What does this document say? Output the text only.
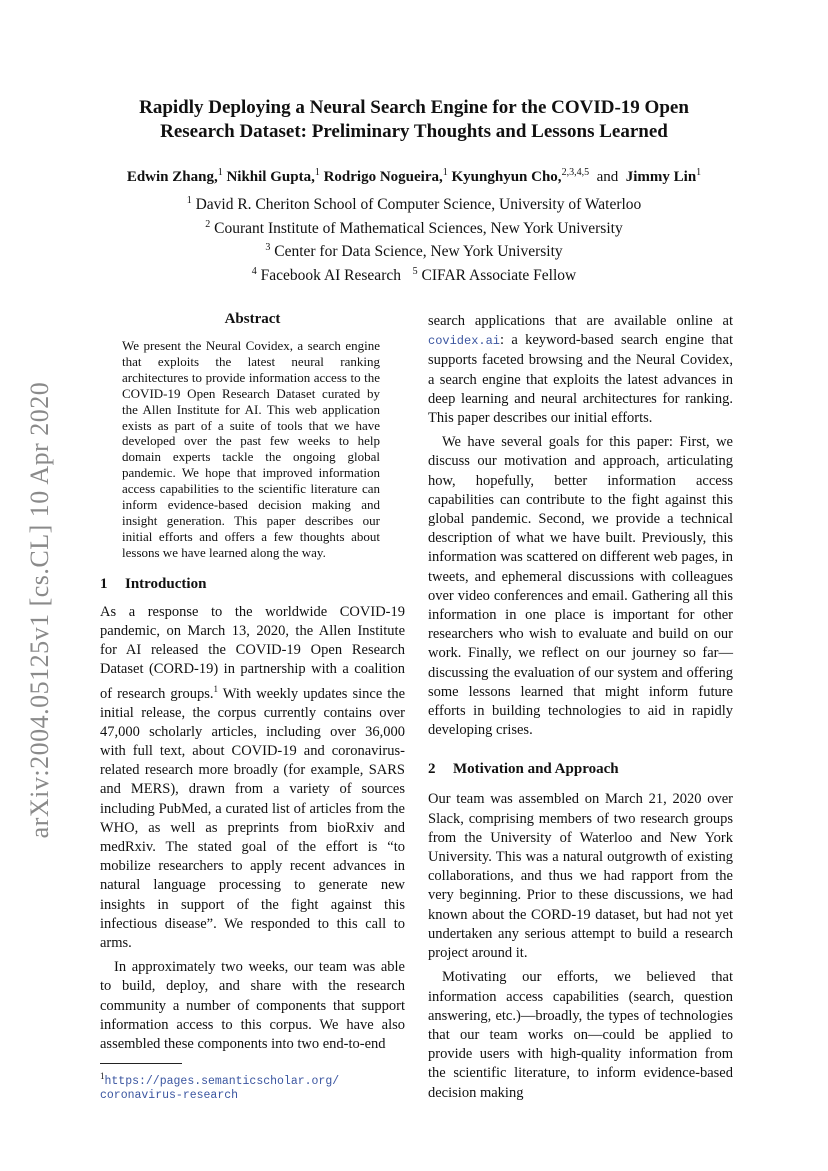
arXiv:2004.05125v1 [cs.CL] 10 Apr 2020
Rapidly Deploying a Neural Search Engine for the COVID-19 Open
Research Dataset: Preliminary Thoughts and Lessons Learned
Edwin Zhang,$^1$ Nikhil Gupta,$^1$ Rodrigo Nogueira,$^1$ Kyunghyun Cho,$^{2,3,4,5}$ and Jimmy Lin$^1$
$^1$ David R. Cheriton School of Computer Science, University of Waterloo
$^2$ Courant Institute of Mathematical Sciences, New York University
$^3$ Center for Data Science, New York University
$^4$ Facebook AI Research $^5$ CIFAR Associate Fellow
Abstract

We present the Neural Covidex, a search engine that exploits the latest neural ranking architectures to provide information access to the COVID-19 Open Research Dataset curated by the Allen Institute for AI. This web application exists as part of a suite of tools that we have developed over the past few weeks to help domain experts tackle the ongoing global pandemic. We hope that improved information access capabilities to the scientific literature can inform evidence-based decision making and insight generation. This paper describes our initial efforts and offers a few thoughts about lessons we have learned along the way.

1 Introduction

As a response to the worldwide COVID-19 pandemic, on March 13, 2020, the Allen Institute for AI released the COVID-19 Open Research Dataset (CORD-19) in partnership with a coalition of research groups.$^1$ With weekly updates since the initial release, the corpus currently contains over 47,000 scholarly articles, including over 36,000 with full text, about COVID-19 and coronavirus-related research more broadly (for example, SARS and MERS), drawn from a variety of sources including PubMed, a curated list of articles from the WHO, as well as preprints from bioRxiv and medRxiv. The stated goal of the effort is “to mobilize researchers to apply recent advances in natural language processing to generate new insights in support of the fight against this infectious disease”. We responded to this call to arms.

In approximately two weeks, our team was able to build, deploy, and share with the research community a number of components that support information access to this corpus. We have also assembled these components into two end-to-end

$^1$https://pages.semanticscholar.org/
coronavirus-research

search applications that are available online at covidex.ai: a keyword-based search engine that supports faceted browsing and the Neural Covidex, a search engine that exploits the latest advances in deep learning and neural architectures for ranking. This paper describes our initial efforts.

We have several goals for this paper: First, we discuss our motivation and approach, articulating how, hopefully, better information access capabilities can contribute to the fight against this global pandemic. Second, we provide a technical description of what we have built. Previously, this information was scattered on different web pages, in tweets, and ephemeral discussions with colleagues over video conferences and email. Gathering all this information in one place is important for other researchers who wish to evaluate and build on our work. Finally, we reflect on our journey so far—discussing the evaluation of our system and offering some lessons learned that might inform future efforts in building technologies to aid in rapidly developing crises.

2 Motivation and Approach

Our team was assembled on March 21, 2020 over Slack, comprising members of two research groups from the University of Waterloo and New York University. This was a natural outgrowth of existing collaborations, and thus we had rapport from the very beginning. Prior to these discussions, we had known about the CORD-19 dataset, but had not yet undertaken any serious attempt to build a research project around it.

Motivating our efforts, we believed that information access capabilities (search, question answering, etc.)—broadly, the types of technologies that our team works on—could be applied to provide users with high-quality information from the scientific literature, to inform evidence-based decision making
